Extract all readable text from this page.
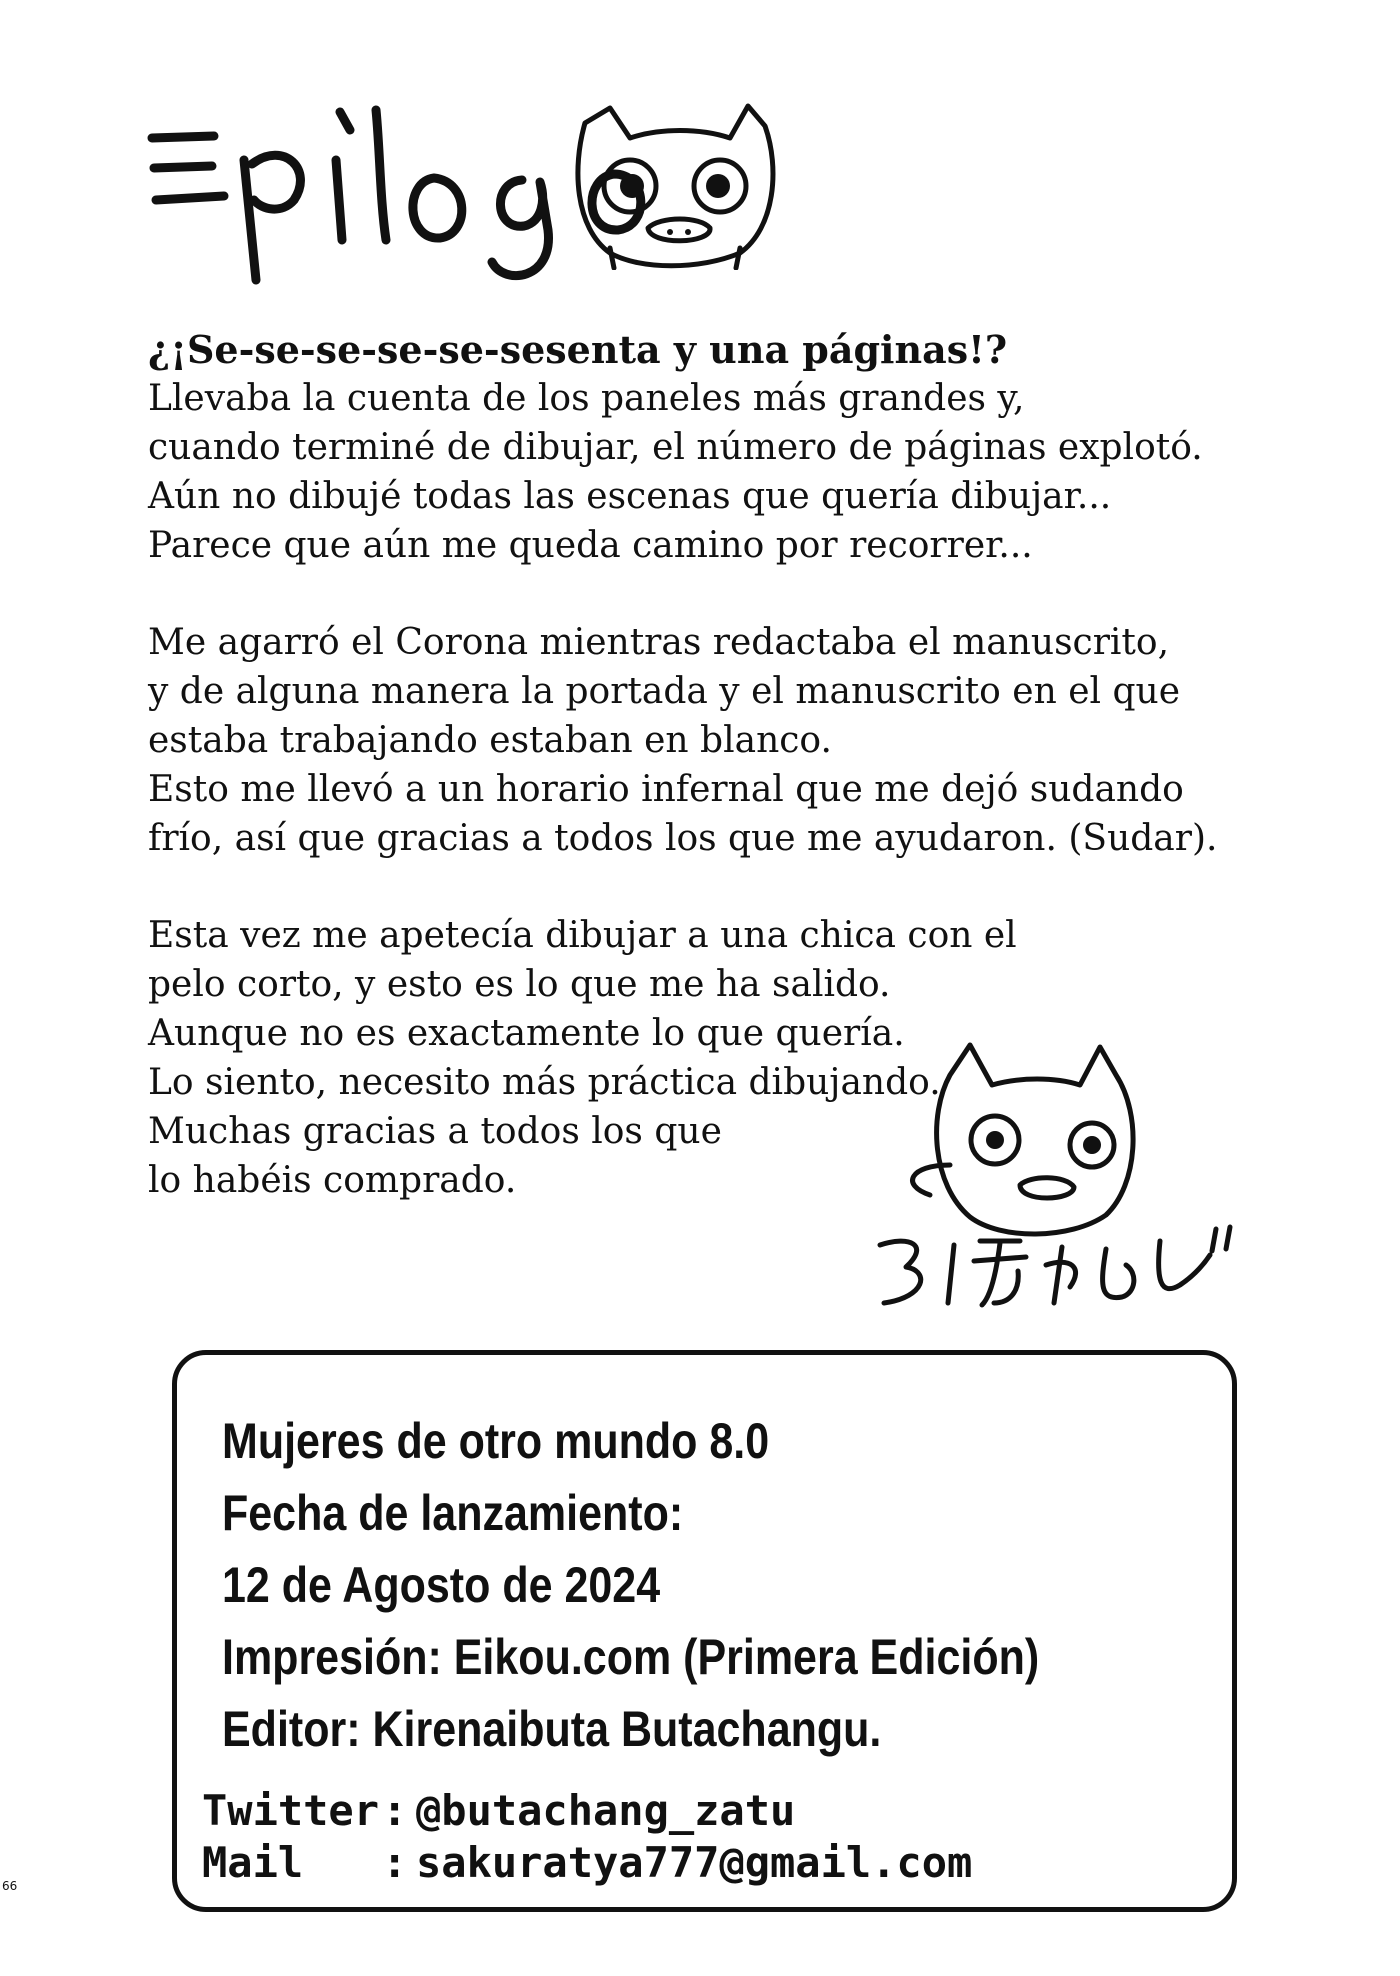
¿¡Se-se-se-se-se-sesenta y una páginas!?
Llevaba la cuenta de los paneles más grandes y,
cuando terminé de dibujar, el número de páginas explotó.
Aún no dibujé todas las escenas que quería dibujar...
Parece que aún me queda camino por recorrer...
Me agarró el Corona mientras redactaba el manuscrito,
y de alguna manera la portada y el manuscrito en el que
estaba trabajando estaban en blanco.
Esto me llevó a un horario infernal que me dejó sudando
frío, así que gracias a todos los que me ayudaron. (Sudar).
Esta vez me apetecía dibujar a una chica con el
pelo corto, y esto es lo que me ha salido.
Aunque no es exactamente lo que quería.
Lo siento, necesito más práctica dibujando.
Muchas gracias a todos los que
lo habéis comprado.
Mujeres de otro mundo 8.0
Fecha de lanzamiento:
12 de Agosto de 2024
Impresión: Eikou.com (Primera Edición)
Editor: Kirenaibuta Butachangu.
Twitter: @butachang_zatu
Mail : sakuratya777@gmail.com
66
